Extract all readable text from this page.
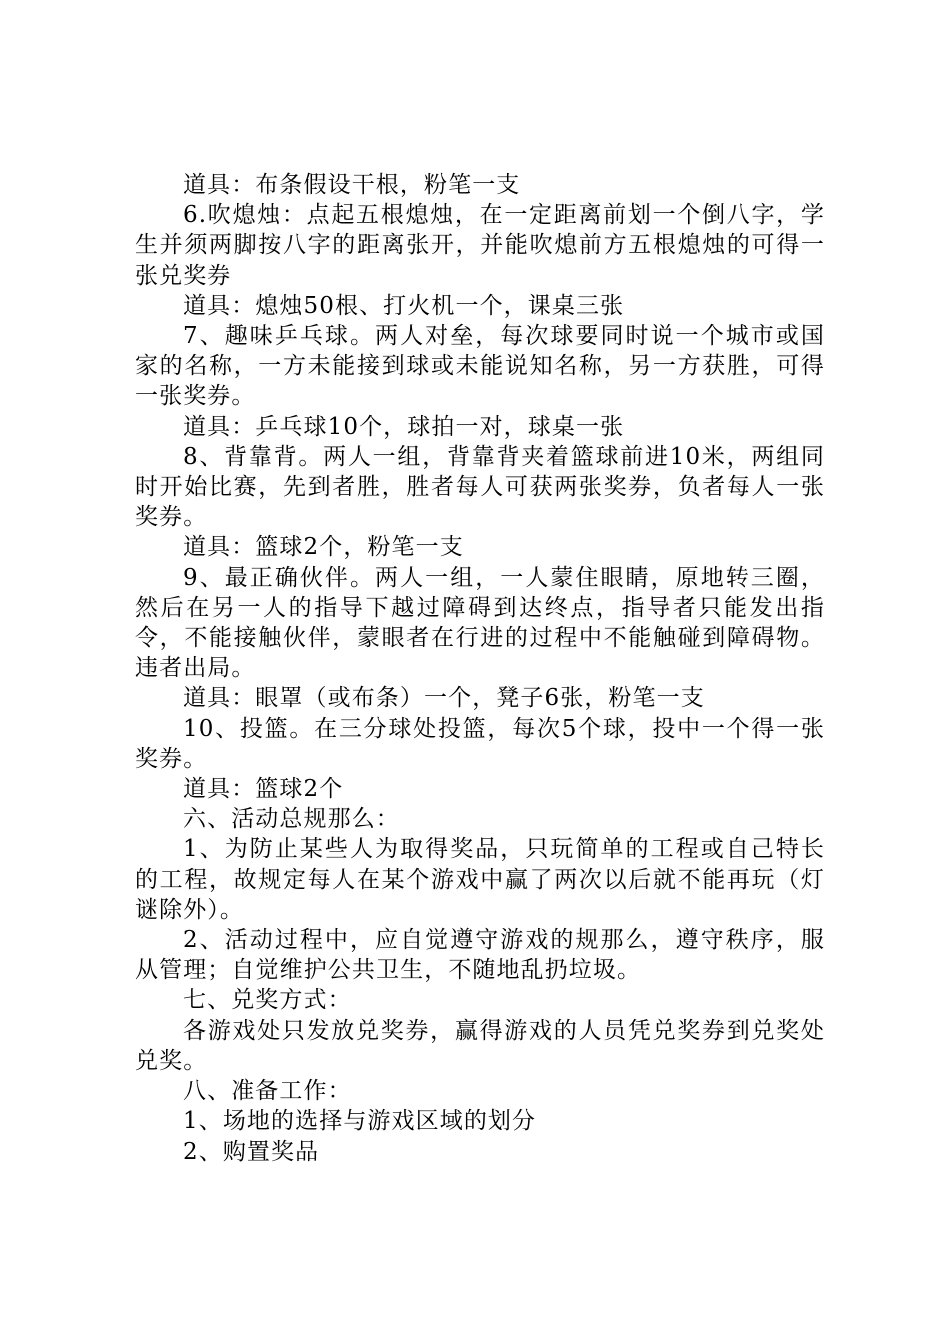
道具：布条假设干根，粉笔一支

6.吹熄烛：点起五根熄烛，在一定距离前划一个倒八字，学生并须两脚按八字的距离张开，并能吹熄前方五根熄烛的可得一张兑奖券

道具：熄烛50根、打火机一个，课桌三张

7、趣味乒乓球。两人对垒，每次球要同时说一个城市或国家的名称，一方未能接到球或未能说知名称，另一方获胜，可得一张奖券。

道具：乒乓球10个，球拍一对，球桌一张

8、背靠背。两人一组，背靠背夹着篮球前进10米，两组同时开始比赛，先到者胜，胜者每人可获两张奖券，负者每人一张奖券。

道具：篮球2个，粉笔一支

9、最正确伙伴。两人一组，一人蒙住眼睛，原地转三圈，然后在另一人的指导下越过障碍到达终点，指导者只能发出指令，不能接触伙伴，蒙眼者在行进的过程中不能触碰到障碍物。违者出局。

道具：眼罩（或布条）一个，凳子6张，粉笔一支

10、投篮。在三分球处投篮，每次5个球，投中一个得一张奖券。

道具：篮球2个

六、活动总规那么：

1、为防止某些人为取得奖品，只玩简单的工程或自己特长的工程，故规定每人在某个游戏中赢了两次以后就不能再玩（灯谜除外）。

2、活动过程中，应自觉遵守游戏的规那么，遵守秩序，服从管理；自觉维护公共卫生，不随地乱扔垃圾。

七、兑奖方式：

各游戏处只发放兑奖券，赢得游戏的人员凭兑奖券到兑奖处兑奖。

八、准备工作：

1、场地的选择与游戏区域的划分

2、购置奖品
